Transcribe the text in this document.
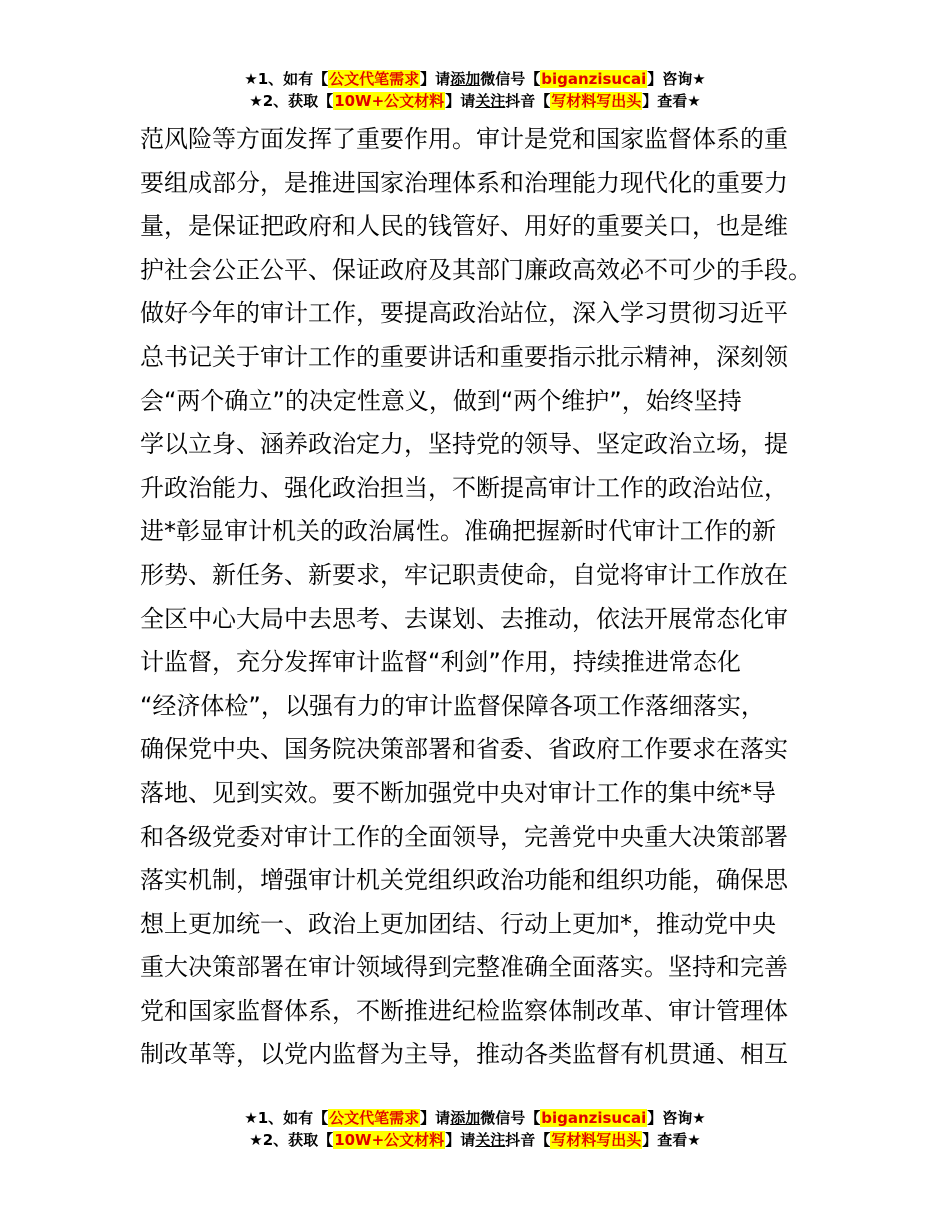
★1、如有【公文代笔需求】请添加微信号【biganzisucai】咨询★
★2、获取【10W+公文材料】请关注抖音【写材料写出头】查看★

范风险等方面发挥了重要作用。审计是党和国家监督体系的重

要组成部分，是推进国家治理体系和治理能力现代化的重要力

量，是保证把政府和人民的钱管好、用好的重要关口，也是维

护社会公正公平、保证政府及其部门廉政高效必不可少的手段。

做好今年的审计工作，要提高政治站位，深入学习贯彻习近平

总书记关于审计工作的重要讲话和重要指示批示精神，深刻领

会“两个确立”的决定性意义，做到“两个维护”，始终坚持

学以立身、涵养政治定力，坚持党的领导、坚定政治立场，提

升政治能力、强化政治担当，不断提高审计工作的政治站位，

进*彰显审计机关的政治属性。准确把握新时代审计工作的新

形势、新任务、新要求，牢记职责使命，自觉将审计工作放在

全区中心大局中去思考、去谋划、去推动，依法开展常态化审

计监督，充分发挥审计监督“利剑”作用，持续推进常态化

“经济体检”，以强有力的审计监督保障各项工作落细落实，

确保党中央、国务院决策部署和省委、省政府工作要求在落实

落地、见到实效。要不断加强党中央对审计工作的集中统*导

和各级党委对审计工作的全面领导，完善党中央重大决策部署

落实机制，增强审计机关党组织政治功能和组织功能，确保思

想上更加统一、政治上更加团结、行动上更加*，推动党中央

重大决策部署在审计领域得到完整准确全面落实。坚持和完善

党和国家监督体系，不断推进纪检监察体制改革、审计管理体

制改革等，以党内监督为主导，推动各类监督有机贯通、相互

★1、如有【公文代笔需求】请添加微信号【biganzisucai】咨询★
★2、获取【10W+公文材料】请关注抖音【写材料写出头】查看★
